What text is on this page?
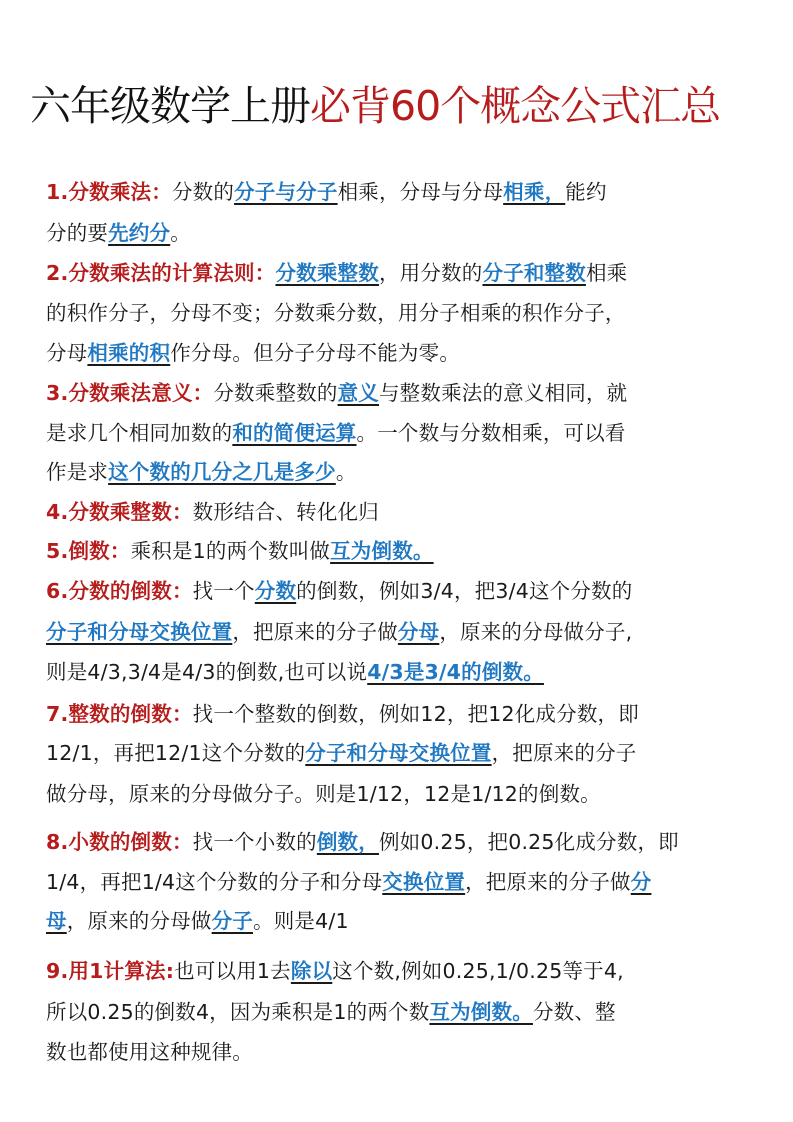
六年级数学上册必背60个概念公式汇总
1.分数乘法：分数的分子与分子相乘，分母与分母相乘，能约
分的要先约分。
2.分数乘法的计算法则：分数乘整数，用分数的分子和整数相乘
的积作分子，分母不变；分数乘分数，用分子相乘的积作分子，
分母相乘的积作分母。但分子分母不能为零。
3.分数乘法意义：分数乘整数的意义与整数乘法的意义相同，就
是求几个相同加数的和的简便运算。一个数与分数相乘，可以看
作是求这个数的几分之几是多少。
4.分数乘整数：数形结合、转化化归
5.倒数：乘积是1的两个数叫做互为倒数。
6.分数的倒数：找一个分数的倒数，例如3/4，把3/4这个分数的
分子和分母交换位置，把原来的分子做分母，原来的分母做分子,
则是4/3,3/4是4/3的倒数,也可以说4/3是3/4的倒数。
7.整数的倒数：找一个整数的倒数，例如12，把12化成分数，即
12/1，再把12/1这个分数的分子和分母交换位置，把原来的分子
做分母，原来的分母做分子。则是1/12，12是1/12的倒数。
8.小数的倒数：找一个小数的倒数，例如0.25，把0.25化成分数，即
1/4，再把1/4这个分数的分子和分母交换位置，把原来的分子做分
母，原来的分母做分子。则是4/1
9.用1计算法:也可以用1去除以这个数,例如0.25,1/0.25等于4,
所以0.25的倒数4，因为乘积是1的两个数互为倒数。分数、整
数也都使用这种规律。
